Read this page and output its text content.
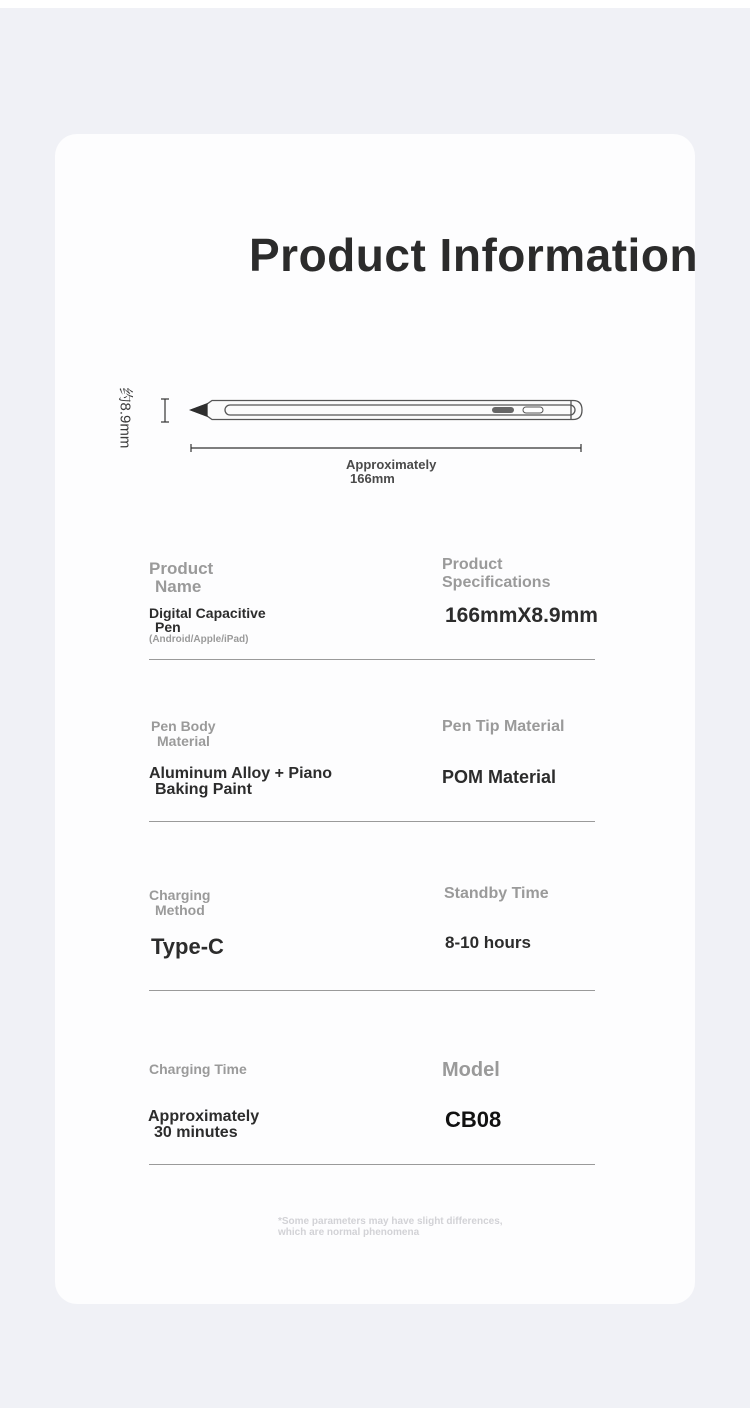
Product Information
约8.9mm
Approximately
166mm
Product
Name
Digital Capacitive
Pen
(Android/Apple/iPad)
Product Specifications
166mmX8.9mm
Pen Body
Material
Aluminum Alloy + Piano
Baking Paint
Pen Tip Material
POM Material
Charging
Method
Type-C
Standby Time
8-10 hours
Charging Time
Approximately
30 minutes
Model
CB08
*Some parameters may have slight differences,
which are normal phenomena
